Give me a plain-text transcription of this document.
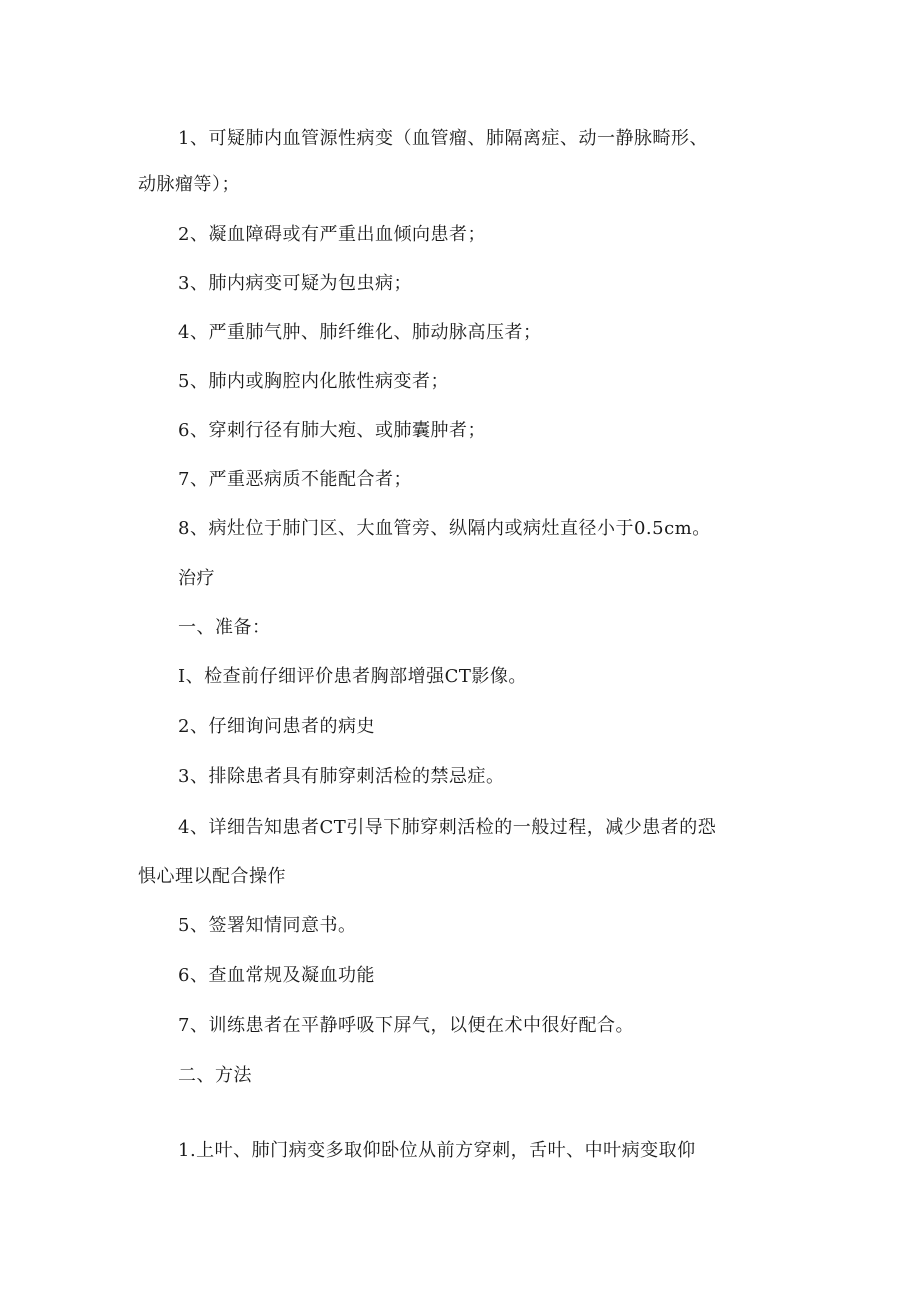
1、可疑肺内血管源性病变（血管瘤、肺隔离症、动一静脉畸形、
动脉瘤等）；
2、凝血障碍或有严重出血倾向患者；
3、肺内病变可疑为包虫病；
4、严重肺气肿、肺纤维化、肺动脉高压者；
5、肺内或胸腔内化脓性病变者；
6、穿刺行径有肺大疱、或肺囊肿者；
7、严重恶病质不能配合者；
8、病灶位于肺门区、大血管旁、纵隔内或病灶直径小于0.5cm。
治疗
一、准备：
I、检查前仔细评价患者胸部增强CT影像。
2、仔细询问患者的病史
3、排除患者具有肺穿刺活检的禁忌症。
4、详细告知患者CT引导下肺穿刺活检的一般过程，减少患者的恐
惧心理以配合操作
5、签署知情同意书。
6、查血常规及凝血功能
7、训练患者在平静呼吸下屏气，以便在术中很好配合。
二、方法
1.上叶、肺门病变多取仰卧位从前方穿刺，舌叶、中叶病变取仰
